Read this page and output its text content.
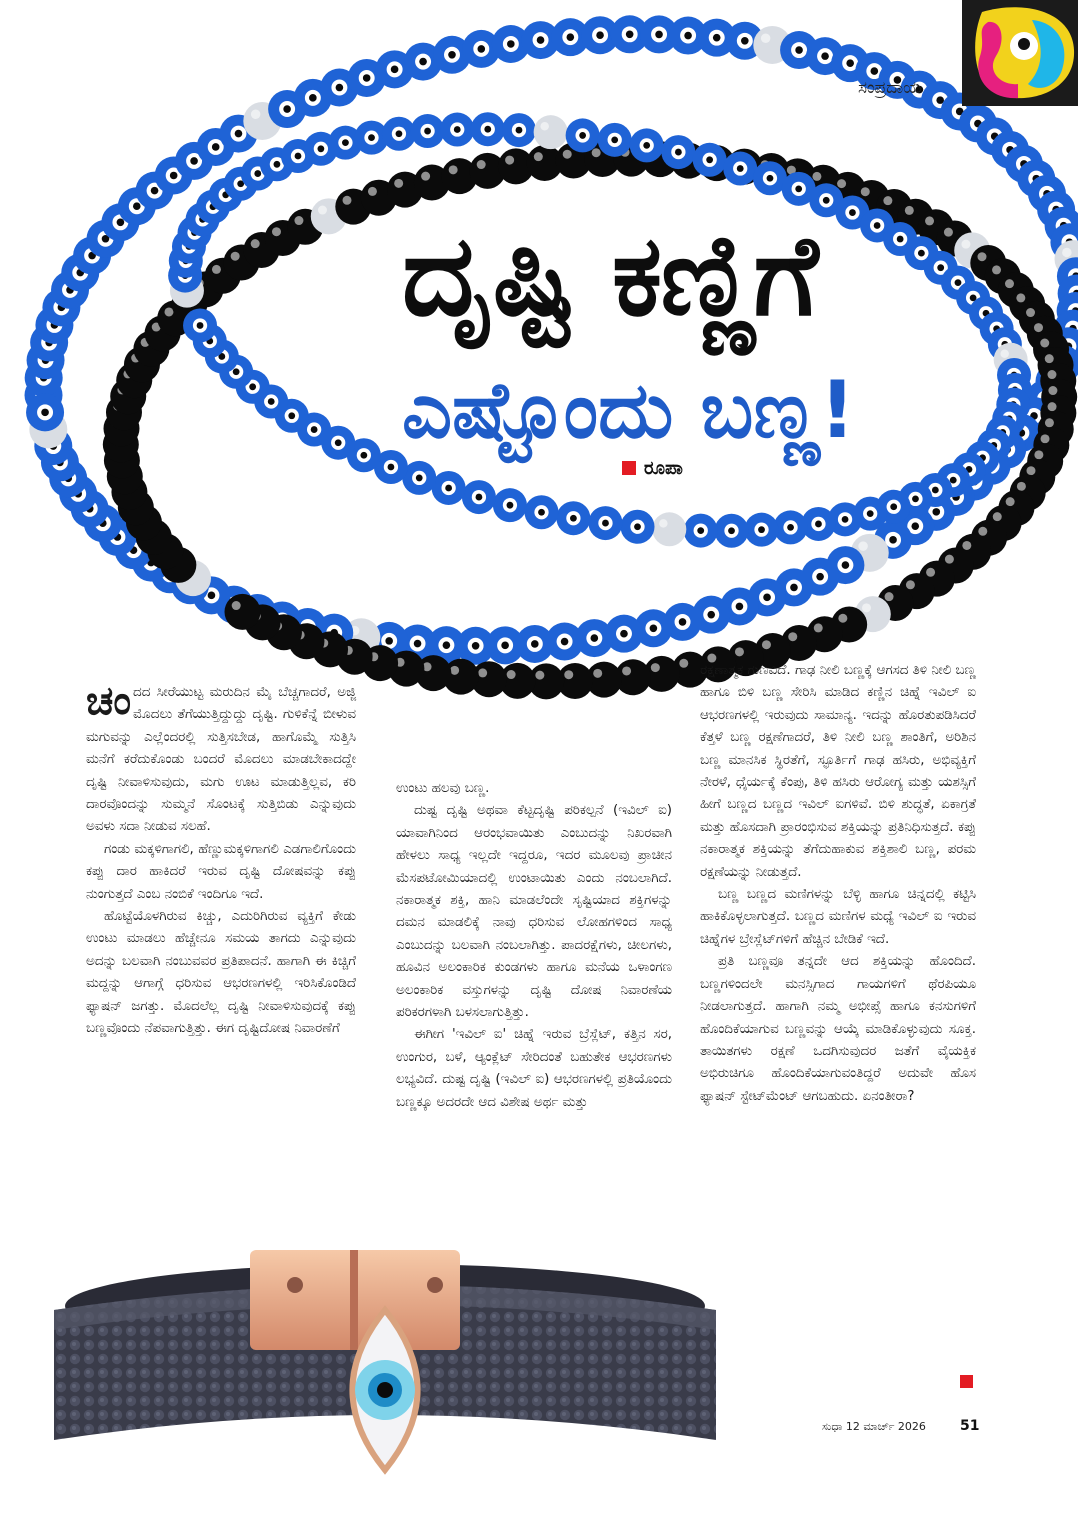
ಸಂಪ್ರದಾಯ
ದೃಷ್ಟಿ ಕಣ್ಣಿಗೆ
ಎಷ್ಟೊಂದು ಬಣ್ಣ!
ರೂಪಾ

ಚಂದದ ಸೀರೆಯುಟ್ಟ ಮರುದಿನ ಮೈ ಬೆಚ್ಚಗಾದರೆ, ಅಜ್ಜಿ ಮೊದಲು ತೆಗೆಯುತ್ತಿದ್ದುದ್ದು ದೃಷ್ಟಿ. ಗುಳಿಕೆನ್ನೆ ಬೀಳುವ ಮಗುವನ್ನು ಎಲ್ಲೆಂದರಲ್ಲಿ ಸುತ್ತಿಸಬೇಡ, ಹಾಗೊಮ್ಮೆ ಸುತ್ತಿಸಿ ಮನೆಗೆ ಕರೆದುಕೊಂಡು ಬಂದರೆ ಮೊದಲು ಮಾಡಬೇಕಾದದ್ದೇ ದೃಷ್ಟಿ ನೀವಾಳಿಸುವುದು, ಮಗು ಊಟ ಮಾಡುತ್ತಿಲ್ಲವ, ಕರಿ ದಾರವೊಂದನ್ನು ಸುಮ್ಮನೆ ಸೊಂಟಕ್ಕೆ ಸುತ್ತಿಬಿಡು ಎನ್ನುವುದು ಅವಳು ಸದಾ ನೀಡುವ ಸಲಹೆ.

ಗಂಡು ಮಕ್ಕಳಿಗಾಗಲಿ, ಹೆಣ್ಣುಮಕ್ಕಳಿಗಾಗಲಿ ಎಡಗಾಲಿಗೊಂದು ಕಪ್ಪು ದಾರ ಹಾಕಿದರೆ ಇರುವ ದೃಷ್ಟಿ ದೋಷವನ್ನು ಕಪ್ಪು ನುಂಗುತ್ತದೆ ಎಂಬ ನಂಬಿಕೆ ಇಂದಿಗೂ ಇದೆ.

ಹೊಟ್ಟೆಯೊಳಗಿರುವ ಕಿಚ್ಚು, ಎದುರಿಗಿರುವ ವ್ಯಕ್ತಿಗೆ ಕೇಡು ಉಂಟು ಮಾಡಲು ಹೆಚ್ಚೇನೂ ಸಮಯ ತಾಗದು ಎನ್ನುವುದು ಅದನ್ನು ಬಲವಾಗಿ ನಂಬುವವರ ಪ್ರತಿಪಾದನೆ. ಹಾಗಾಗಿ ಈ ಕಿಚ್ಚಿಗೆ ಮದ್ದನ್ನು ಆಗಾಗ್ಗೆ ಧರಿಸುವ ಆಭರಣಗಳಲ್ಲಿ ಇರಿಸಿಕೊಂಡಿದೆ ಫ್ಯಾಷನ್ ಜಗತ್ತು. ಮೊದಲೆಲ್ಲ ದೃಷ್ಟಿ ನೀವಾಳಿಸುವುದಕ್ಕೆ ಕಪ್ಪು ಬಣ್ಣವೊಂದು ನೆಪವಾಗುತ್ತಿತ್ತು. ಈಗ ದೃಷ್ಟಿದೋಷ ನಿವಾರಣೆಗೆ

ಉಂಟು ಹಲವು ಬಣ್ಣ.

ದುಷ್ಟ ದೃಷ್ಟಿ ಅಥವಾ ಕೆಟ್ಟದೃಷ್ಟಿ ಪರಿಕಲ್ಪನೆ (ಇವಿಲ್ ಐ) ಯಾವಾಗಿನಿಂದ ಆರಂಭವಾಯಿತು ಎಂಬುದನ್ನು ನಿಖರವಾಗಿ ಹೇಳಲು ಸಾಧ್ಯ ಇಲ್ಲದೇ ಇದ್ದರೂ, ಇದರ ಮೂಲವು ಪ್ರಾಚೀನ ಮೆಸಪಟೋಮಿಯಾದಲ್ಲಿ ಉಂಟಾಯಿತು ಎಂದು ನಂಬಲಾಗಿದೆ. ನಕಾರಾತ್ಮಕ ಶಕ್ತಿ, ಹಾನಿ ಮಾಡಲೆಂದೇ ಸೃಷ್ಟಿಯಾದ ಶಕ್ತಿಗಳನ್ನು ದಮನ ಮಾಡಲಿಕ್ಕೆ ನಾವು ಧರಿಸುವ ಲೋಹಗಳಿಂದ ಸಾಧ್ಯ ಎಂಬುದನ್ನು ಬಲವಾಗಿ ನಂಬಲಾಗಿತ್ತು. ಪಾದರಕ್ಷೆಗಳು, ಚೀಲಗಳು, ಹೂವಿನ ಅಲಂಕಾರಿಕ ಕುಂಡಗಳು ಹಾಗೂ ಮನೆಯ ಒಳಾಂಗಣ ಅಲಂಕಾರಿಕ ವಸ್ತುಗಳನ್ನು ದೃಷ್ಟಿ ದೋಷ ನಿವಾರಣೆಯ ಪರಿಕರಗಳಾಗಿ ಬಳಸಲಾಗುತ್ತಿತ್ತು.

ಈಗೀಗ 'ಇವಿಲ್ ಐ' ಚಿಹ್ನೆ ಇರುವ ಬ್ರೆಸ್ಲೆಟ್, ಕತ್ತಿನ ಸರ, ಉಂಗುರ, ಬಳೆ, ಆ್ಯಂಕ್ಲೆಟ್ ಸೇರಿದಂತೆ ಬಹುತೇಕ ಆಭರಣಗಳು ಲಭ್ಯವಿದೆ. ದುಷ್ಟ ದೃಷ್ಟಿ (ಇವಿಲ್ ಐ) ಆಭರಣಗಳಲ್ಲಿ ಪ್ರತಿಯೊಂದು ಬಣ್ಣಕ್ಕೂ ಅದರದೇ ಆದ ವಿಶೇಷ ಅರ್ಥ ಮತ್ತು

ರಕ್ಷಣಾತ್ಮಕ ಗುಣವಿದೆ. ಗಾಢ ನೀಲಿ ಬಣ್ಣಕ್ಕೆ ಆಗಸದ ತಿಳಿ ನೀಲಿ ಬಣ್ಣ ಹಾಗೂ ಬಿಳಿ ಬಣ್ಣ ಸೇರಿಸಿ ಮಾಡಿದ ಕಣ್ಣಿನ ಚಿಹ್ನೆ ಇವಿಲ್ ಐ ಆಭರಣಗಳಲ್ಲಿ ಇರುವುದು ಸಾಮಾನ್ಯ. ಇದನ್ನು ಹೊರತುಪಡಿಸಿದರೆ ಕೆತ್ತಳೆ ಬಣ್ಣ ರಕ್ಷಣೆಗಾದರೆ, ತಿಳಿ ನೀಲಿ ಬಣ್ಣ ಶಾಂತಿಗೆ, ಅರಿಶಿನ ಬಣ್ಣ ಮಾನಸಿಕ ಸ್ಥಿರತೆಗೆ, ಸ್ಫೂರ್ತಿಗೆ ಗಾಢ ಹಸಿರು, ಅಭಿವ್ಯಕ್ತಿಗೆ ನೇರಳೆ, ಧೈರ್ಯಕ್ಕೆ ಕೆಂಪು, ತಿಳಿ ಹಸಿರು ಆರೋಗ್ಯ ಮತ್ತು ಯಶಸ್ಸಿಗೆ ಹೀಗೆ ಬಣ್ಣದ ಬಣ್ಣದ ಇವಿಲ್ ಐಗಳಿವೆ. ಬಿಳಿ ಶುದ್ಧತೆ, ಏಕಾಗ್ರತೆ ಮತ್ತು ಹೊಸದಾಗಿ ಪ್ರಾರಂಭಿಸುವ ಶಕ್ತಿಯನ್ನು ಪ್ರತಿನಿಧಿಸುತ್ತದೆ. ಕಪ್ಪು ನಕಾರಾತ್ಮಕ ಶಕ್ತಿಯನ್ನು ತೆಗೆದುಹಾಕುವ ಶಕ್ತಿಶಾಲಿ ಬಣ್ಣ, ಪರಮ ರಕ್ಷಣೆಯನ್ನು ನೀಡುತ್ತದೆ.

ಬಣ್ಣ ಬಣ್ಣದ ಮಣಿಗಳನ್ನು ಬೆಳ್ಳಿ ಹಾಗೂ ಚಿನ್ನದಲ್ಲಿ ಕಟ್ಟಿಸಿ ಹಾಕಿಕೊಳ್ಳಲಾಗುತ್ತದೆ. ಬಣ್ಣದ ಮಣಿಗಳ ಮಧ್ಯೆ ಇವಿಲ್ ಐ ಇರುವ ಚಿಹ್ನೆಗಳ ಬ್ರೇಸ್ಲೆಟ್‌ಗಳಿಗೆ ಹೆಚ್ಚಿನ ಬೇಡಿಕೆ ಇದೆ.

ಪ್ರತಿ ಬಣ್ಣವೂ ತನ್ನದೇ ಆದ ಶಕ್ತಿಯನ್ನು ಹೊಂದಿದೆ. ಬಣ್ಣಗಳಿಂದಲೇ ಮನಸ್ಸಿಗಾದ ಗಾಯಗಳಿಗೆ ಥೆರಪಿಯೂ ನೀಡಲಾಗುತ್ತದೆ. ಹಾಗಾಗಿ ನಮ್ಮ ಅಭೀಪ್ಸೆ ಹಾಗೂ ಕನಸುಗಳಿಗೆ ಹೊಂದಿಕೆಯಾಗುವ ಬಣ್ಣವನ್ನು ಆಯ್ಕೆ ಮಾಡಿಕೊಳ್ಳುವುದು ಸೂಕ್ತ. ತಾಯಿತಗಳು ರಕ್ಷಣೆ ಒದಗಿಸುವುದರ ಜತೆಗೆ ವೈಯಕ್ತಿಕ ಅಭಿರುಚಿಗೂ ಹೊಂದಿಕೆಯಾಗುವಂತಿದ್ದರೆ ಅದುವೇ ಹೊಸ ಫ್ಯಾಷನ್ ಸ್ಟೇಟ್‌ಮೆಂಟ್ ಆಗಬಹುದು. ಏನಂತೀರಾ?

ಸುಧಾ 12 ಮಾರ್ಚ್ 2026 51
